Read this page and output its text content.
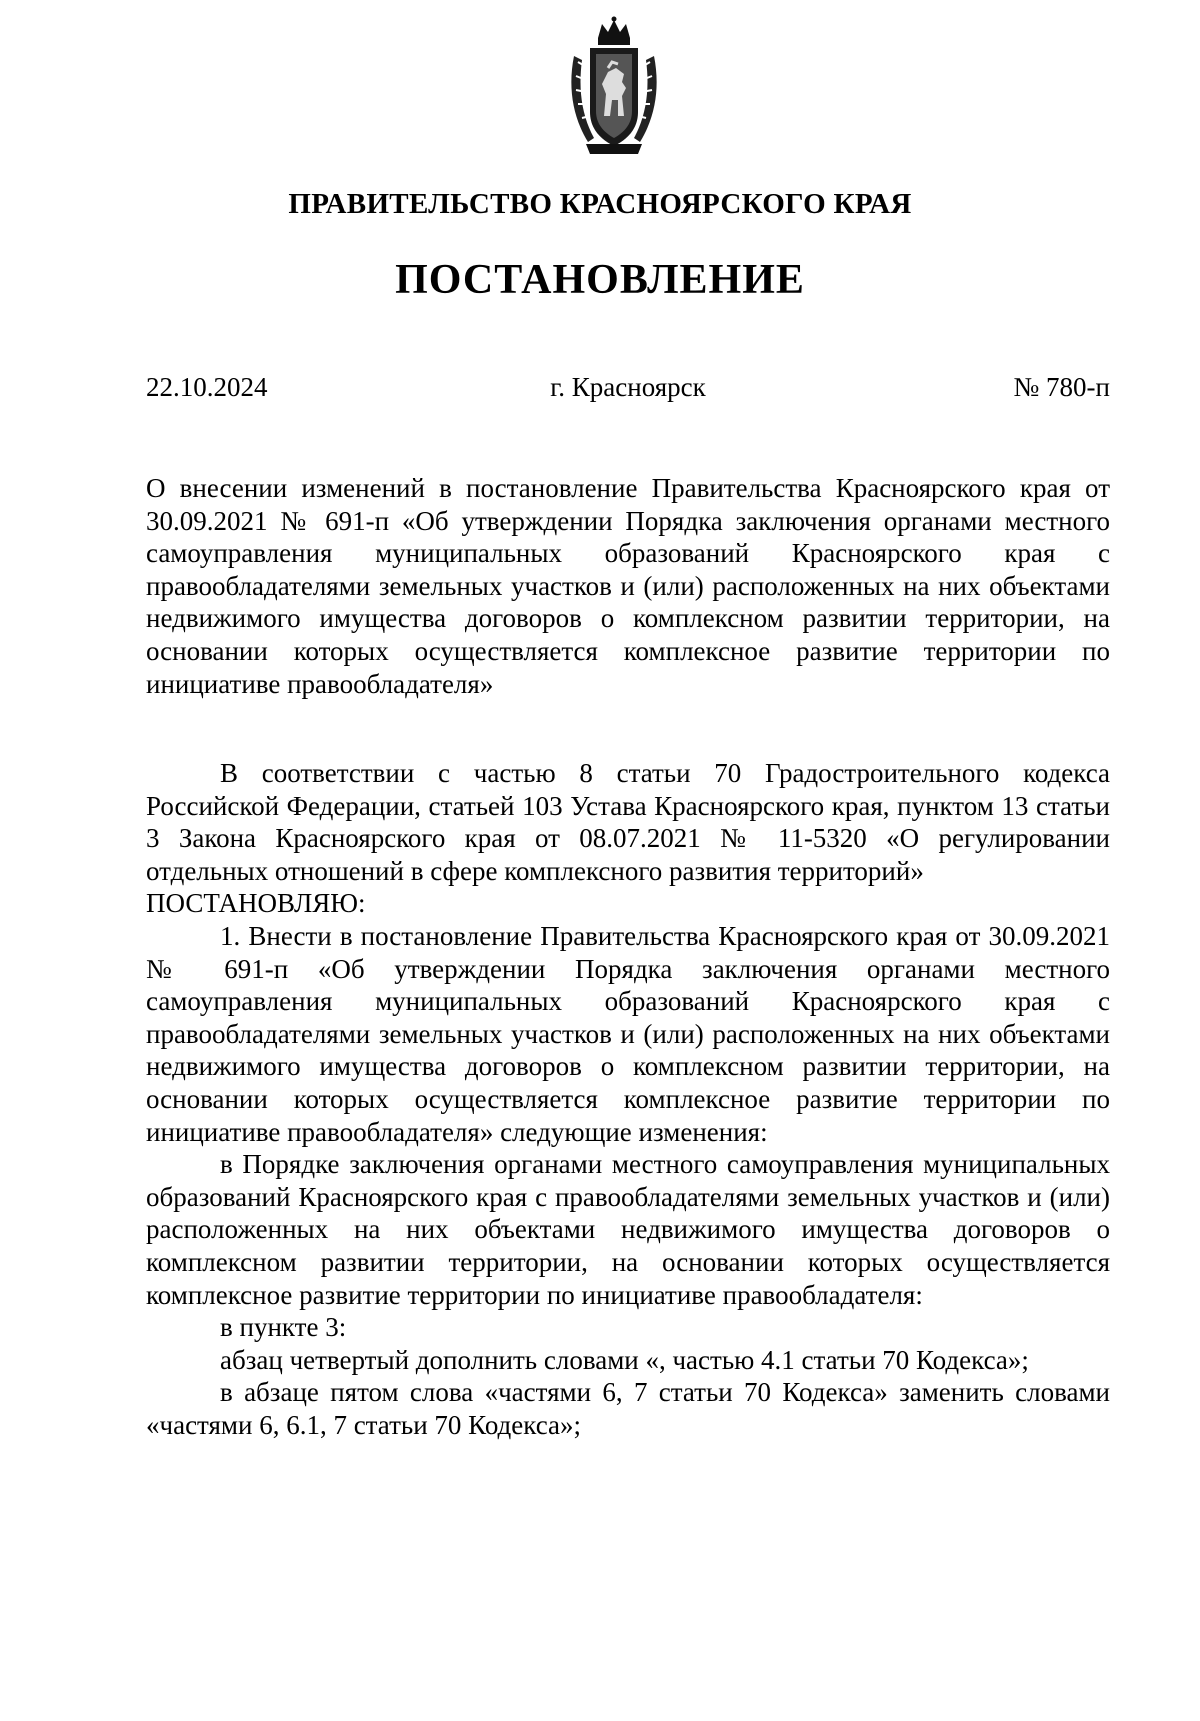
ПРАВИТЕЛЬСТВО КРАСНОЯРСКОГО КРАЯ
ПОСТАНОВЛЕНИЕ
22.10.2024	г. Красноярск	№ 780-п

О внесении изменений в постановление Правительства Красноярского края от 30.09.2021 № 691-п «Об утверждении Порядка заключения органами местного самоуправления муниципальных образований Красноярского края с правообладателями земельных участков и (или) расположенных на них объектами недвижимого имущества договоров о комплексном развитии территории, на основании которых осуществляется комплексное развитие территории по инициативе правообладателя»

В соответствии с частью 8 статьи 70 Градостроительного кодекса Российской Федерации, статьей 103 Устава Красноярского края, пунктом 13 статьи 3 Закона Красноярского края от 08.07.2021 № 11-5320 «О регулировании отдельных отношений в сфере комплексного развития территорий»

ПОСТАНОВЛЯЮ:

1. Внести в постановление Правительства Красноярского края от 30.09.2021 № 691-п «Об утверждении Порядка заключения органами местного самоуправления муниципальных образований Красноярского края с правообладателями земельных участков и (или) расположенных на них объектами недвижимого имущества договоров о комплексном развитии территории, на основании которых осуществляется комплексное развитие территории по инициативе правообладателя» следующие изменения:

в Порядке заключения органами местного самоуправления муниципальных образований Красноярского края с правообладателями земельных участков и (или) расположенных на них объектами недвижимого имущества договоров о комплексном развитии территории, на основании которых осуществляется комплексное развитие территории по инициативе правообладателя:

в пункте 3:

абзац четвертый дополнить словами «, частью 4.1 статьи 70 Кодекса»;

в абзаце пятом слова «частями 6, 7 статьи 70 Кодекса» заменить словами «частями 6, 6.1, 7 статьи 70 Кодекса»;
